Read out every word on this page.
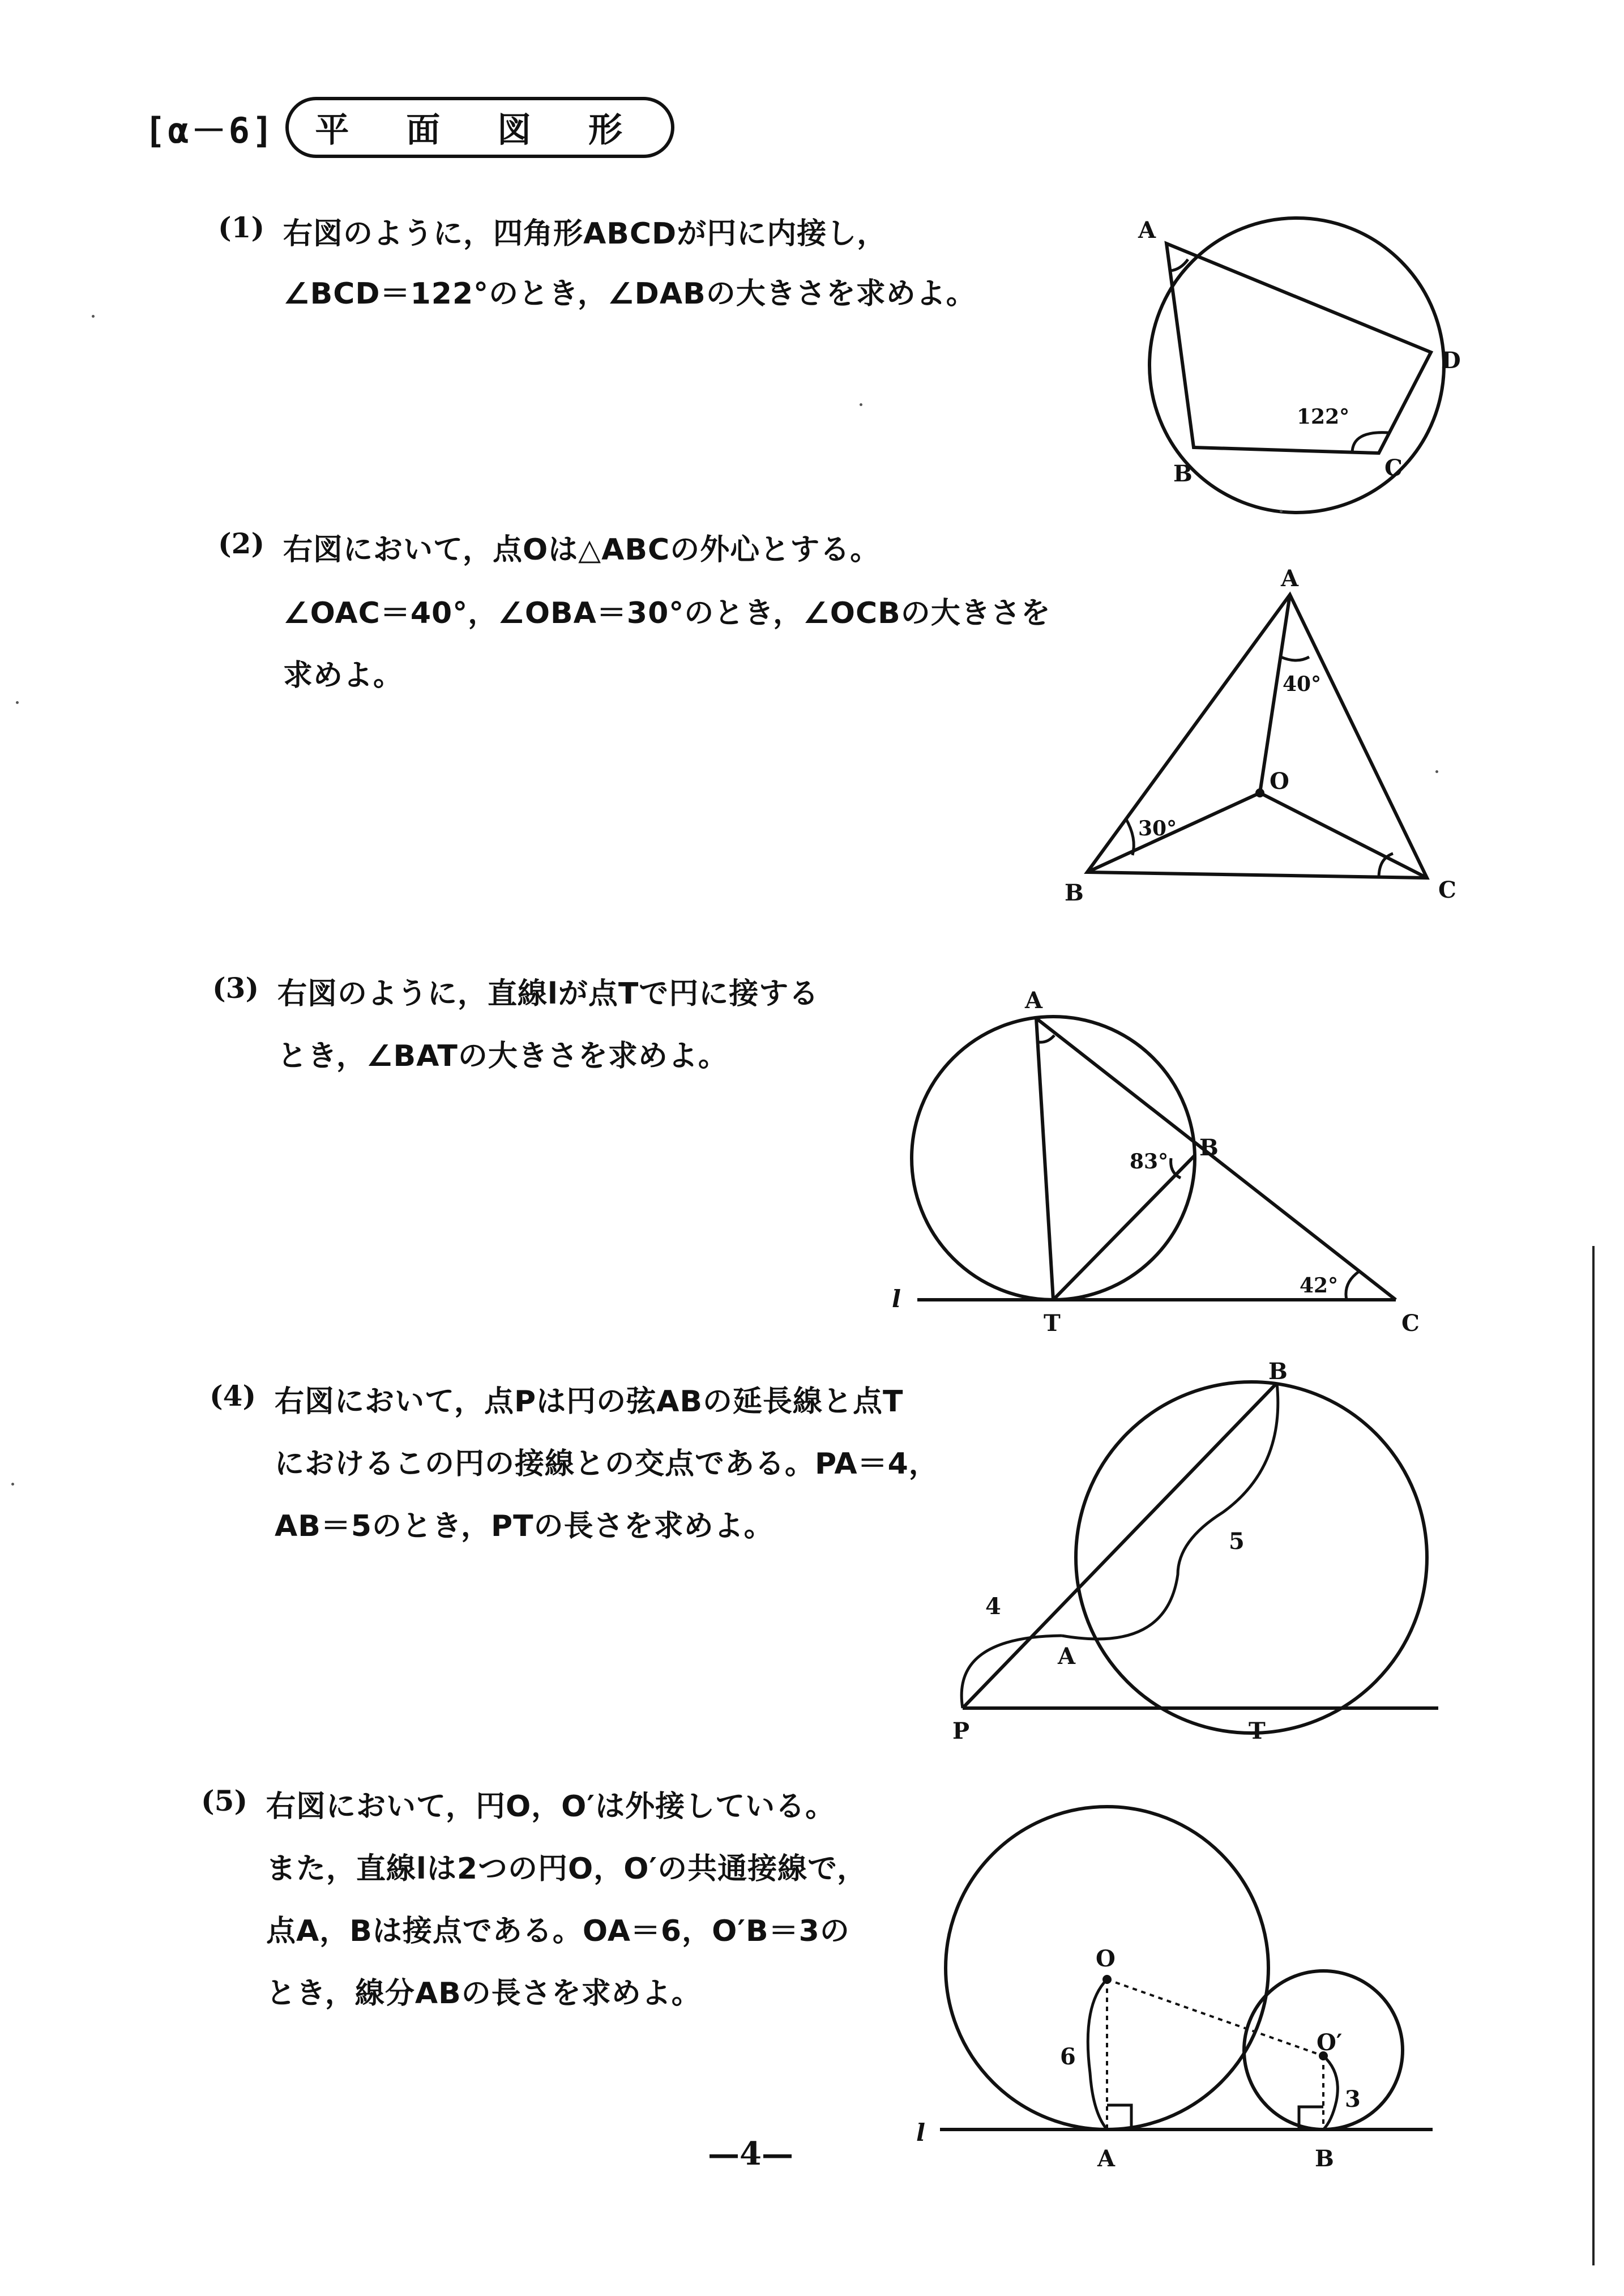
[α－6]	平 面 図 形
(1) 右図のように，四角形ABCDが円に内接し，
∠BCD＝122°のとき，∠DABの大きさを求めよ。
A
B	C
D
122°
(2) 右図において，点Oは△ABCの外心とする。
∠OAC＝40°，∠OBA＝30°のとき，∠OCBの大きさを
求めよ。
A
B	C
O
40°
30°
(3) 右図のように，直線lが点Tで円に接する
とき，∠BATの大きさを求めよ。
A
B
C
T
l
83°
42°
(4) 右図において，点Pは円の弦ABの延長線と点T
におけるこの円の接線との交点である。PA＝4，
AB＝5のとき，PTの長さを求めよ。
B
A
P	T
4
5
(5) 右図において，円O，O′は外接している。
また，直線lは2つの円O，O′の共通接線で，
点A，Bは接点である。OA＝6，O′B＝3の
とき，線分ABの長さを求めよ。
O
O′
A	B
l
6
3
—4—
